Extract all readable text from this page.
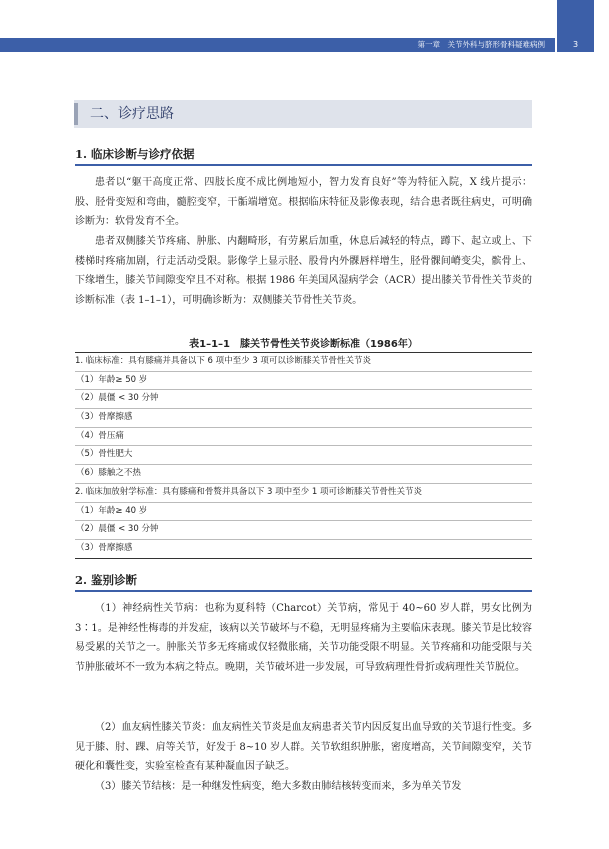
第一章　关节外科与脐形骨科疑难病例	3
二、诊疗思路
1. 临床诊断与诊疗依据
患者以“躯干高度正常、四肢长度不成比例地短小，智力发育良好”等为特征入院，X 线片提示：股、胫骨变短和弯曲，髓腔变窄，干骺端增宽。根据临床特征及影像表现，结合患者既往病史，可明确诊断为：软骨发育不全。
患者双侧膝关节疼痛、肿胀、内翻畸形，有劳累后加重，休息后减轻的特点，蹲下、起立或上、下楼梯时疼痛加剧，行走活动受限。影像学上显示胫、股骨内外髁唇样增生，胫骨髁间嵴变尖，髌骨上、下缘增生，膝关节间隙变窄且不对称。根据 1986 年美国风湿病学会（ACR）提出膝关节骨性关节炎的诊断标准（表 1–1–1），可明确诊断为：双侧膝关节骨性关节炎。
表1–1–1　膝关节骨性关节炎诊断标准（1986年）
1. 临床标准：具有膝痛并具备以下 6 项中至少 3 项可以诊断膝关节骨性关节炎
（1）年龄≥ 50 岁
（2）晨僵 < 30 分钟
（3）骨摩擦感
（4）骨压痛
（5）骨性肥大
（6）膝触之不热
2. 临床加放射学标准：具有膝痛和骨赘并具备以下 3 项中至少 1 项可诊断膝关节骨性关节炎
（1）年龄≥ 40 岁
（2）晨僵 < 30 分钟
（3）骨摩擦感
2. 鉴别诊断
（1）神经病性关节病：也称为夏科特（Charcot）关节病，常见于 40~60 岁人群，男女比例为 3∶1。是神经性梅毒的并发症，该病以关节破坏与不稳，无明显疼痛为主要临床表现。膝关节是比较容易受累的关节之一。肿胀关节多无疼痛或仅轻微胀痛，关节功能受限不明显。关节疼痛和功能受限与关节肿胀破坏不一致为本病之特点。晚期，关节破坏进一步发展，可导致病理性骨折或病理性关节脱位。
（2）血友病性膝关节炎：血友病性关节炎是血友病患者关节内因反复出血导致的关节退行性变。多见于膝、肘、踝、肩等关节，好发于 8~10 岁人群。关节软组织肿胀，密度增高，关节间隙变窄，关节硬化和囊性变，实验室检查有某种凝血因子缺乏。
（3）膝关节结核：是一种继发性病变，绝大多数由肺结核转变而来，多为单关节发
